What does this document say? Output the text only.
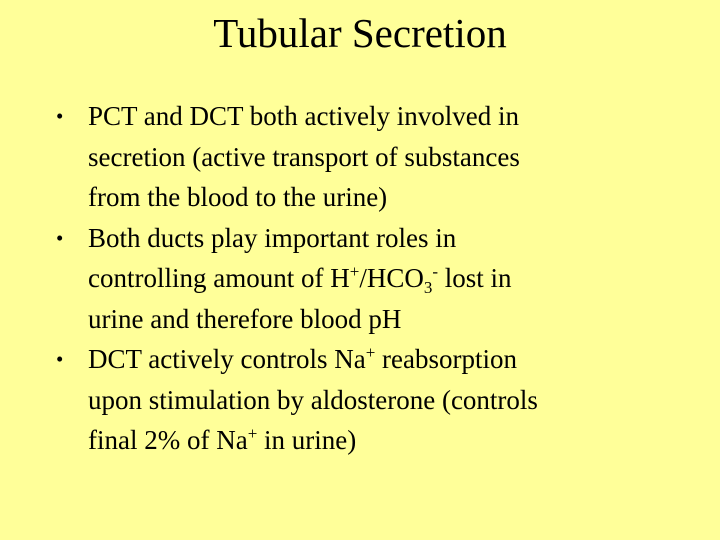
Tubular Secretion
• PCT and DCT both actively involved in
secretion (active transport of substances
from the blood to the urine)
• Both ducts play important roles in
controlling amount of $H^+/HCO_3^-$ lost in
urine and therefore blood pH
• DCT actively controls Na+ reabsorption
upon stimulation by aldosterone (controls
final 2% of Na+ in urine)
